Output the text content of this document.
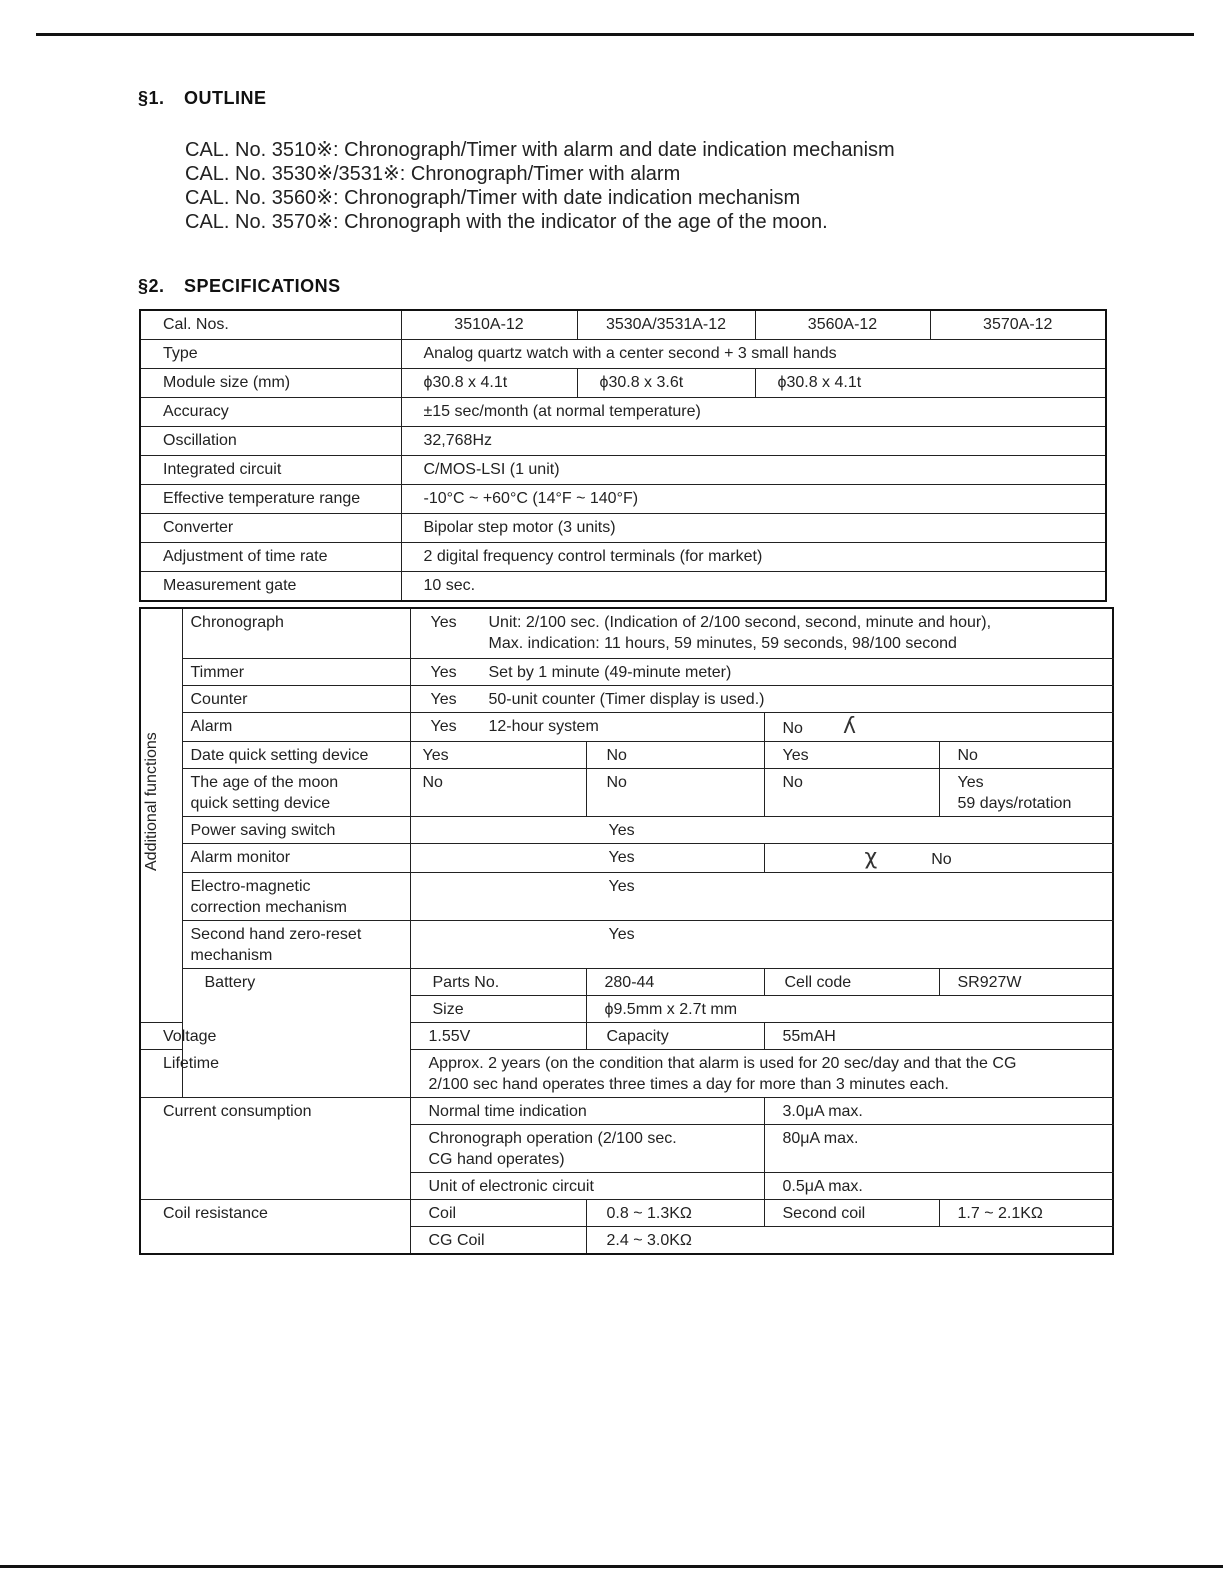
§1. OUTLINE
CAL. No. 3510※: Chronograph/Timer with alarm and date indication mechanism
CAL. No. 3530※/3531※: Chronograph/Timer with alarm
CAL. No. 3560※: Chronograph/Timer with date indication mechanism
CAL. No. 3570※: Chronograph with the indicator of the age of the moon.
§2. SPECIFICATIONS
Cal. Nos.	3510A-12	3530A/3531A-12	3560A-12	3570A-12
Type	Analog quartz watch with a center second + 3 small hands			
Module size (mm)	ϕ30.8 x 4.1t	ϕ30.8 x 3.6t	ϕ30.8 x 4.1t	
Accuracy	±15 sec/month (at normal temperature)			
Oscillation	32,768Hz			
Integrated circuit	C/MOS-LSI (1 unit)			
Effective temperature range	-10°C ~ +60°C (14°F ~ 140°F)			
Converter	Bipolar step motor (3 units)			
Adjustment of time rate	2 digital frequency control terminals (for market)			
Measurement gate	10 sec.			
Additional functions	Chronograph	Yes Unit: 2/100 sec. (Indication of 2/100 second, second, minute and hour),
Max. indication: 11 hours, 59 minutes, 59 seconds, 98/100 second			

	Timmer	Yes Set by 1 minute (49-minute meter)			
	Counter	Yes 50-unit counter (Timer display is used.)			
	Alarm	Yes 12-hour system		No ʎ	
	Date quick setting device	Yes	No	Yes	No

	The age of the moon
quick setting device	No	No	No	Yes
59 days/rotation

	Power saving switch	Yes			
	Alarm monitor	Yes		χ No	

	Electro-magnetic
correction mechanism	Yes			

	Second hand zero-reset
mechanism	Yes			
	Battery	Parts No.	280-44	Cell code	SR927W
		Size	ϕ9.5mm x 2.7t mm		
Voltage		1.55V	Capacity	55mAH	
Lifetime		Approx. 2 years (on the condition that alarm is used for 20 sec/day and that the CG
2/100 sec hand operates three times a day for more than 3 minutes each.			

Current consumption		Normal time indication		3.0μA max.	

		Chronograph operation (2/100 sec.
CG hand operates)		80μA max.	
		Unit of electronic circuit		0.5μA max.	
Coil resistance		Coil	0.8 ~ 1.3KΩ	Second coil	1.7 ~ 2.1KΩ
		CG Coil	2.4 ~ 3.0KΩ		
